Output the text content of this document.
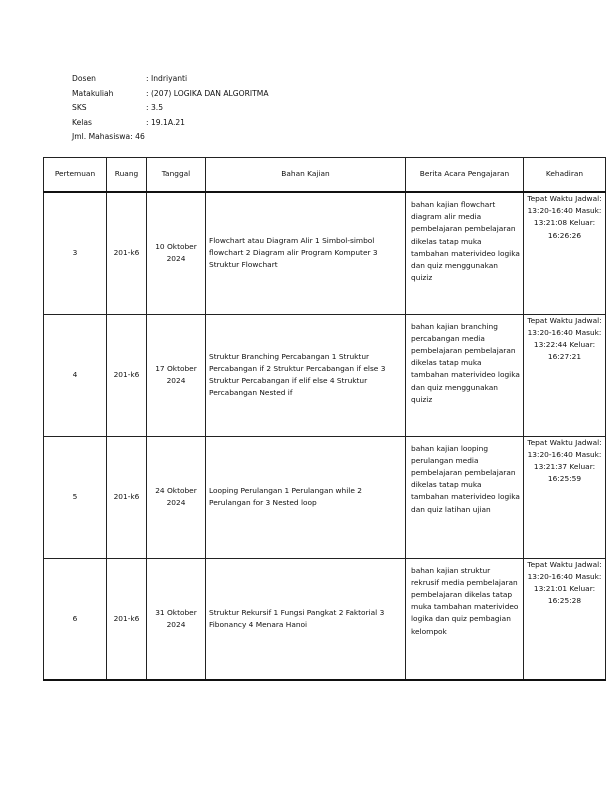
Dosen	: Indriyanti
Matakuliah	: (207) LOGIKA DAN ALGORITMA
SKS	: 3.5
Kelas	: 19.1A.21
Jml. Mahasiswa : 46
Pertemuan	Ruang	Tanggal	Bahan Kajian	Berita Acara Pengajaran	Kehadiran
3	201-k6	10 Oktober 2024	Flowchart atau Diagram Alir 1 Simbol-simbol flowchart 2 Diagram alir Program Komputer 3 Struktur Flowchart	bahan kajian flowchart diagram alir media pembelajaran pembelajaran dikelas tatap muka tambahan materivideo logika dan quiz menggunakan quiziz	Tepat Waktu Jadwal: 13:20-16:40 Masuk: 13:21:08 Keluar: 16:26:26
4	201-k6	17 Oktober 2024	Struktur Branching Percabangan 1 Struktur Percabangan if 2 Struktur Percabangan if else 3 Struktur Percabangan if elif else 4 Struktur Percabangan Nested if	bahan kajian branching percabangan media pembelajaran pembelajaran dikelas tatap muka tambahan materivideo logika dan quiz menggunakan quiziz	Tepat Waktu Jadwal: 13:20-16:40 Masuk: 13:22:44 Keluar: 16:27:21
5	201-k6	24 Oktober 2024	Looping Perulangan 1 Perulangan while 2 Perulangan for 3 Nested loop	bahan kajian looping perulangan media pembelajaran pembelajaran dikelas tatap muka tambahan materivideo logika dan quiz latihan ujian	Tepat Waktu Jadwal: 13:20-16:40 Masuk: 13:21:37 Keluar: 16:25:59
6	201-k6	31 Oktober 2024	Struktur Rekursif 1 Fungsi Pangkat 2 Faktorial 3 Fibonancy 4 Menara Hanoi	bahan kajian struktur rekrusif media pembelajaran pembelajaran dikelas tatap muka tambahan materivideo logika dan quiz pembagian kelompok	Tepat Waktu Jadwal: 13:20-16:40 Masuk: 13:21:01 Keluar: 16:25:28
